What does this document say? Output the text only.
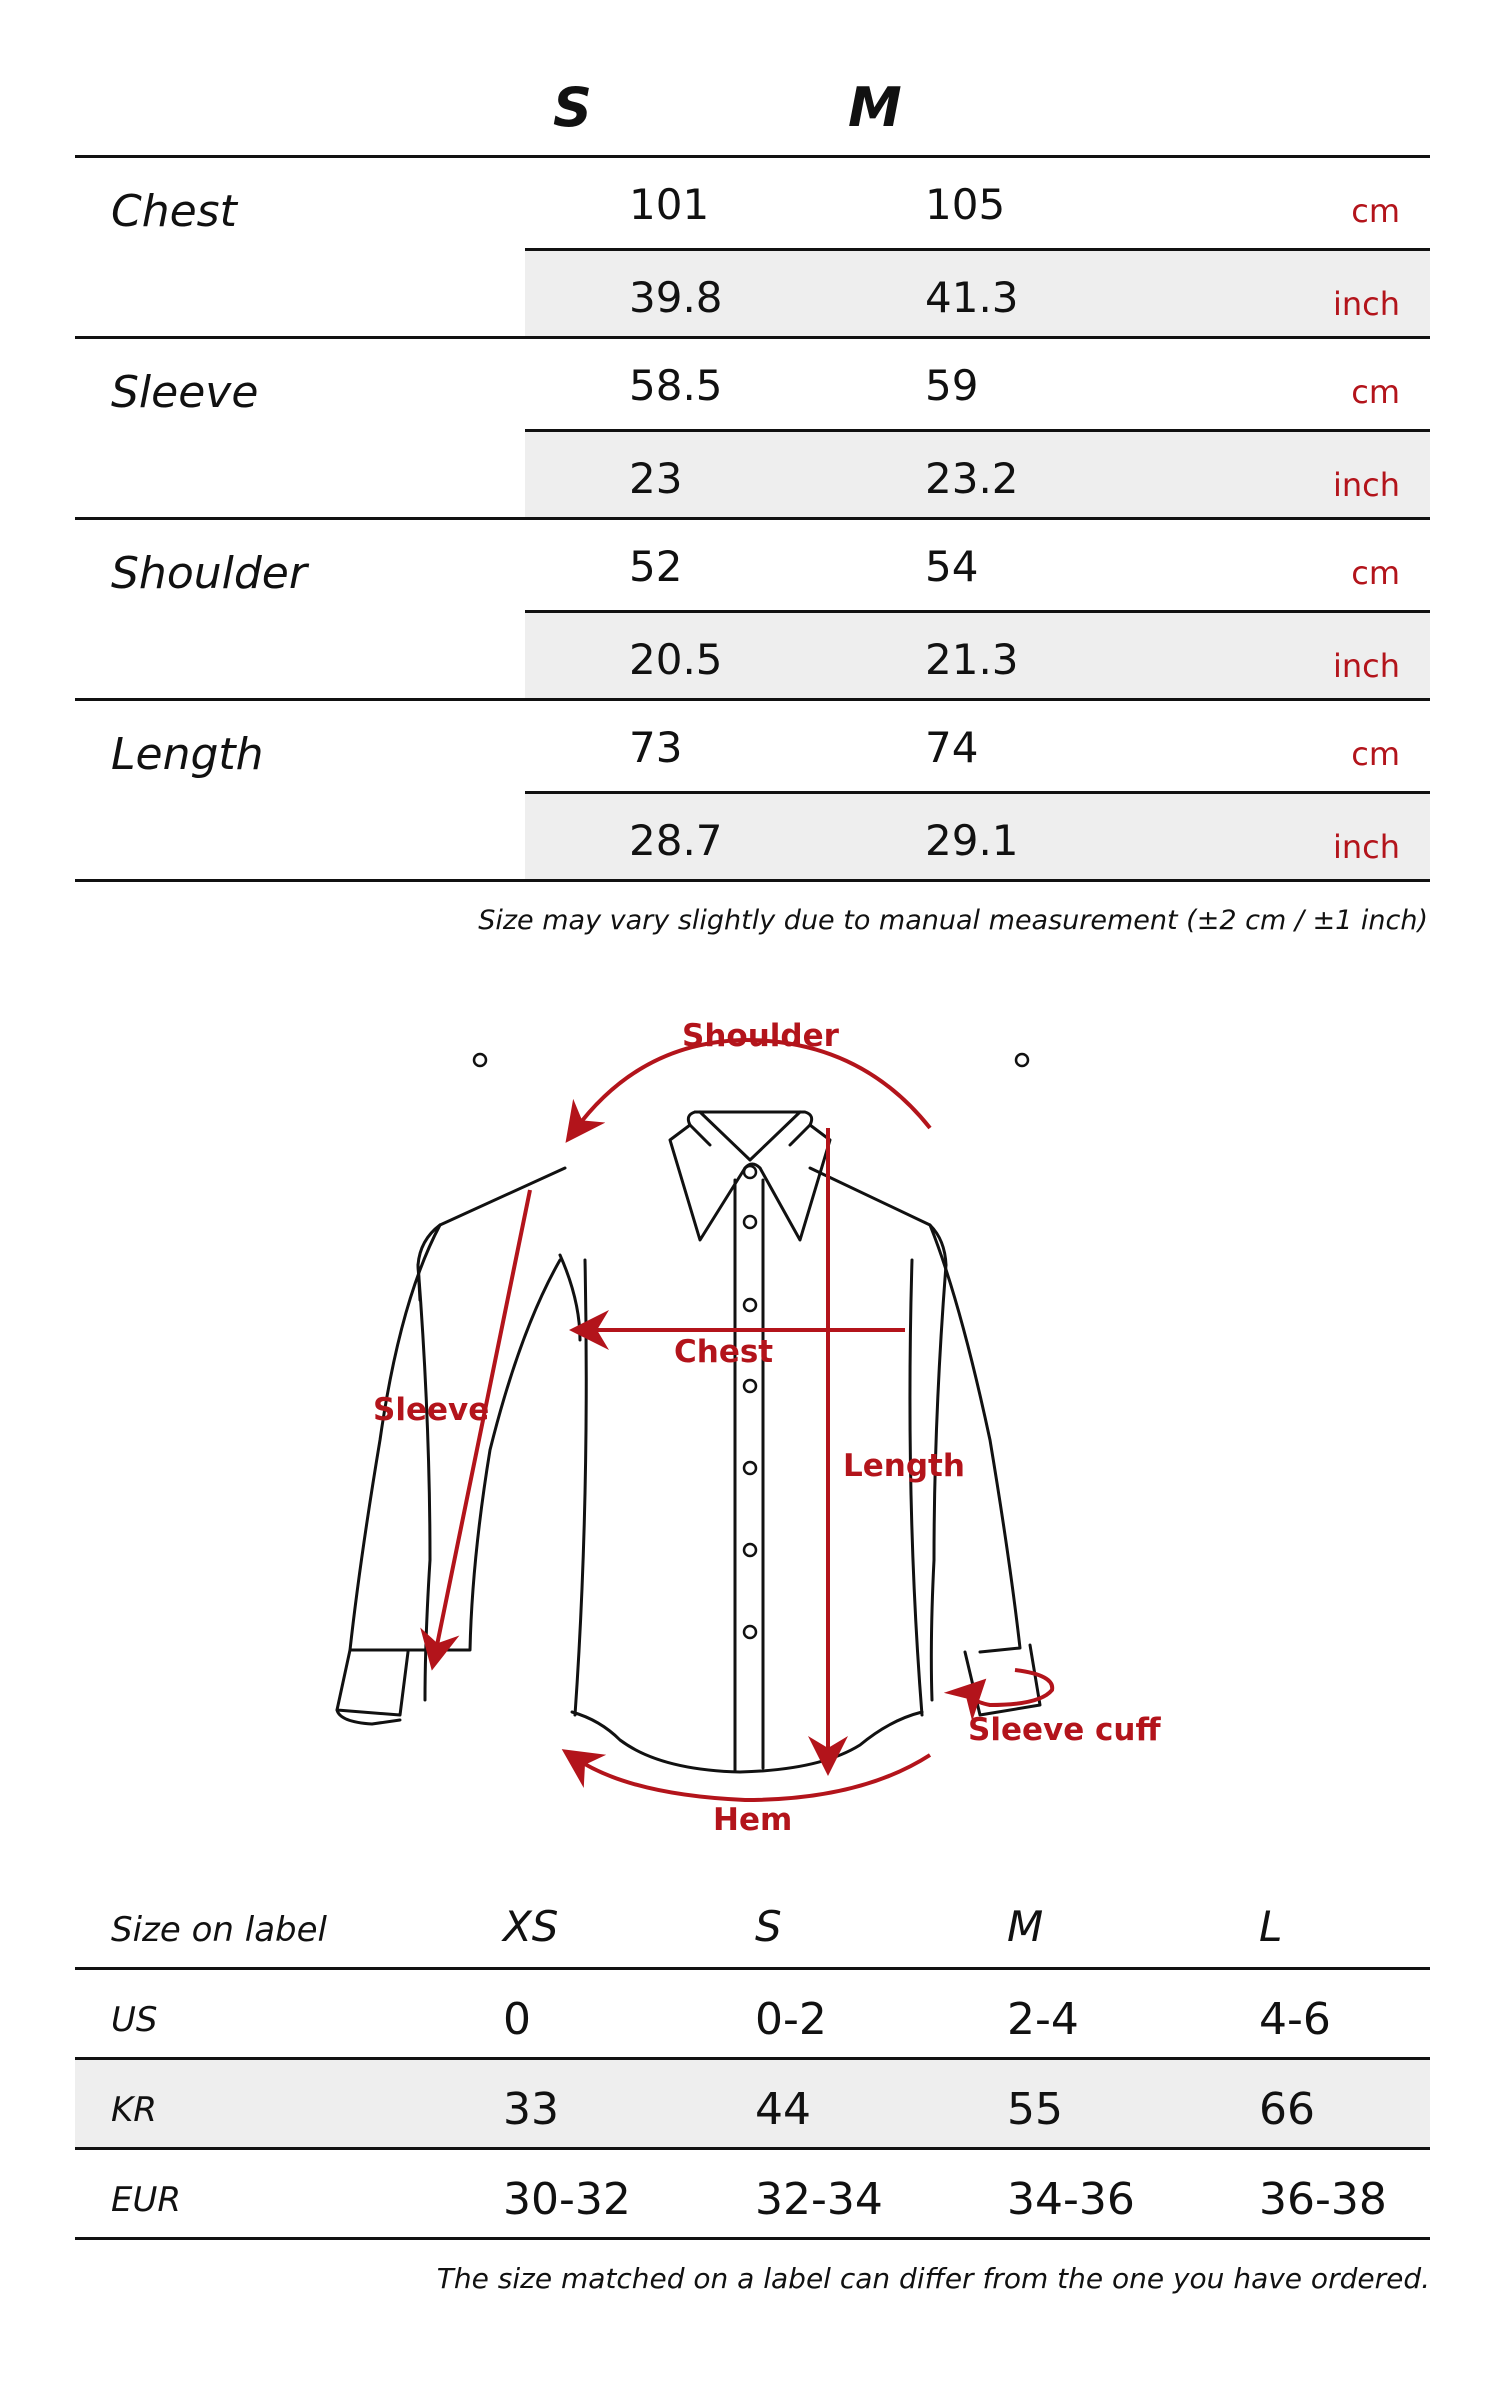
S	M
Chest	101	105	cm
39.8	41.3	inch
Sleeve	58.5	59	cm
23	23.2	inch
Shoulder	52	54	cm
20.5	21.3	inch
Length	73	74	cm
28.7	29.1	inch
Size may vary slightly due to manual measurement (±2 cm / ±1 inch)
Shoulder
Chest
Sleeve
Length
Sleeve cuff
Hem
Size on label	XS	S	M	L
US	0	0-2	2-4	4-6
KR	33	44	55	66
EUR	30-32	32-34	34-36	36-38
The size matched on a label can differ from the one you have ordered.
